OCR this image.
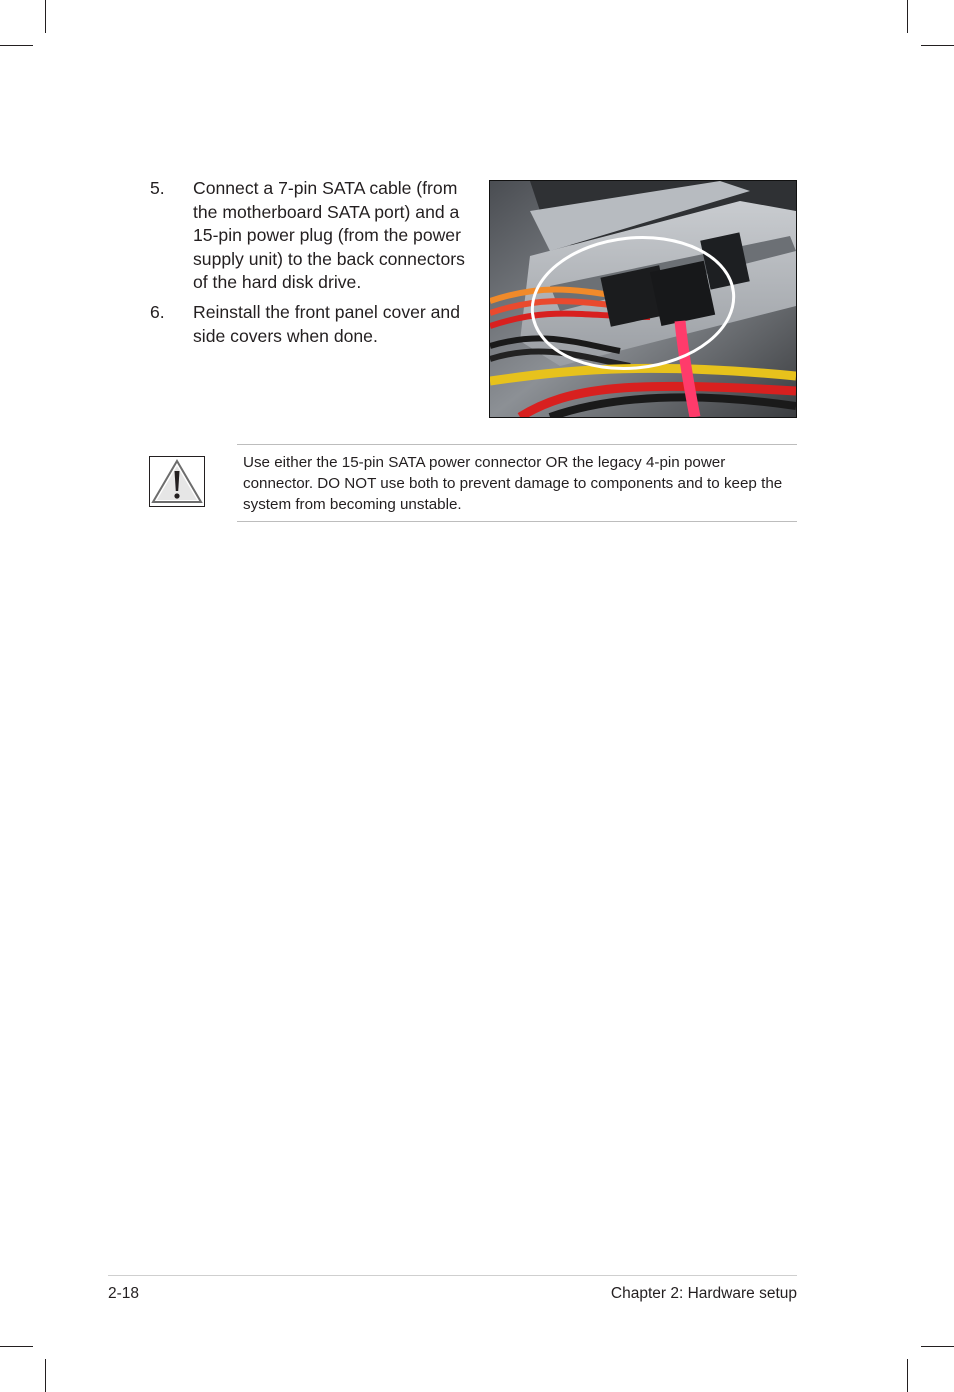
5. Connect a 7-pin SATA cable (from the motherboard SATA port) and a 15-pin power plug (from the power supply unit) to the back connectors of the hard disk drive.
6. Reinstall the front panel cover and side covers when done.
Use either the 15-pin SATA power connector OR the legacy 4-pin power connector. DO NOT use both to prevent damage to components and to keep the system from becoming unstable.
2-18	Chapter 2: Hardware setup
